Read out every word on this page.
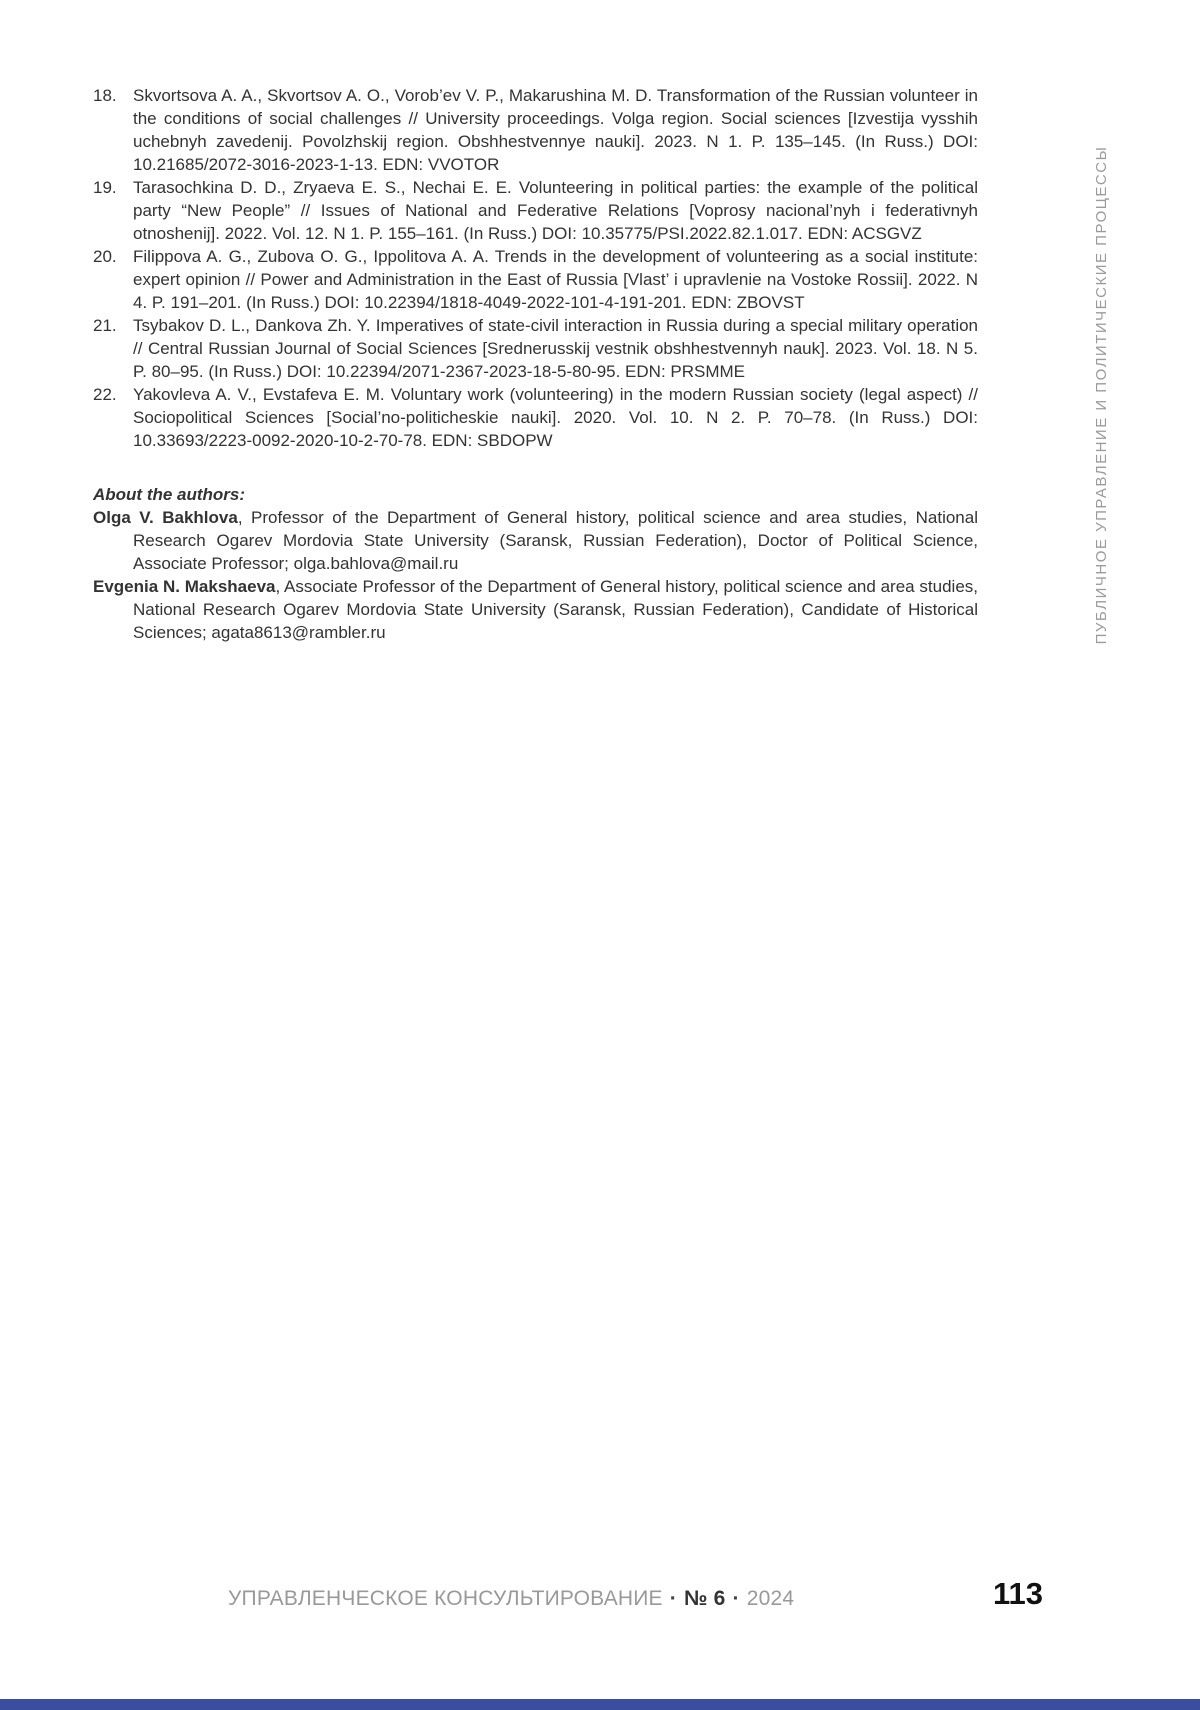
18. Skvortsova A. A., Skvortsov A. O., Vorob’ev V. P., Makarushina M. D. Transformation of the Russian volunteer in the conditions of social challenges // University proceedings. Volga region. Social sciences [Izvestija vysshih uchebnyh zavedenij. Povolzhskij region. Obshhestvennye nauki]. 2023. N 1. P. 135–145. (In Russ.) DOI: 10.21685/2072-3016-2023-1-13. EDN: VVOTOR
19. Tarasochkina D. D., Zryaeva E. S., Nechai E. E. Volunteering in political parties: the example of the political party “New People” // Issues of National and Federative Relations [Voprosy nacional’nyh i federativnyh otnoshenij]. 2022. Vol. 12. N 1. P. 155–161. (In Russ.) DOI: 10.35775/PSI.2022.82.1.017. EDN: ACSGVZ
20. Filippova A. G., Zubova O. G., Ippolitova A. A. Trends in the development of volunteering as a social institute: expert opinion // Power and Administration in the East of Russia [Vlast’ i upravlenie na Vostoke Rossii]. 2022. N 4. P. 191–201. (In Russ.) DOI: 10.22394/1818-4049-2022-101-4-191-201. EDN: ZBOVST
21. Tsybakov D. L., Dankova Zh. Y. Imperatives of state-civil interaction in Russia during a special military operation // Central Russian Journal of Social Sciences [Srednerusskij vestnik obshhestvennyh nauk]. 2023. Vol. 18. N 5. P. 80–95. (In Russ.) DOI: 10.22394/2071-2367-2023-18-5-80-95. EDN: PRSMME
22. Yakovleva A. V., Evstafeva E. M. Voluntary work (volunteering) in the modern Russian society (legal aspect) // Sociopolitical Sciences [Social’no-politicheskie nauki]. 2020. Vol. 10. N 2. P. 70–78. (In Russ.) DOI: 10.33693/2223-0092-2020-10-2-70-78. EDN: SBDOPW
About the authors:
Olga V. Bakhlova, Professor of the Department of General history, political science and area studies, National Research Ogarev Mordovia State University (Saransk, Russian Federation), Doctor of Political Science, Associate Professor; olga.bahlova@mail.ru
Evgenia N. Makshaeva, Associate Professor of the Department of General history, political science and area studies, National Research Ogarev Mordovia State University (Saransk, Russian Federation), Candidate of Historical Sciences; agata8613@rambler.ru	ПУБЛИЧНОЕ УПРАВЛЕНИЕ И ПОЛИТИЧЕСКИЕ ПРОЦЕССЫ
УПРАВЛЕНЧЕСКОЕ КОНСУЛЬТИРОВАНИЕ · № 6 · 2024	113
